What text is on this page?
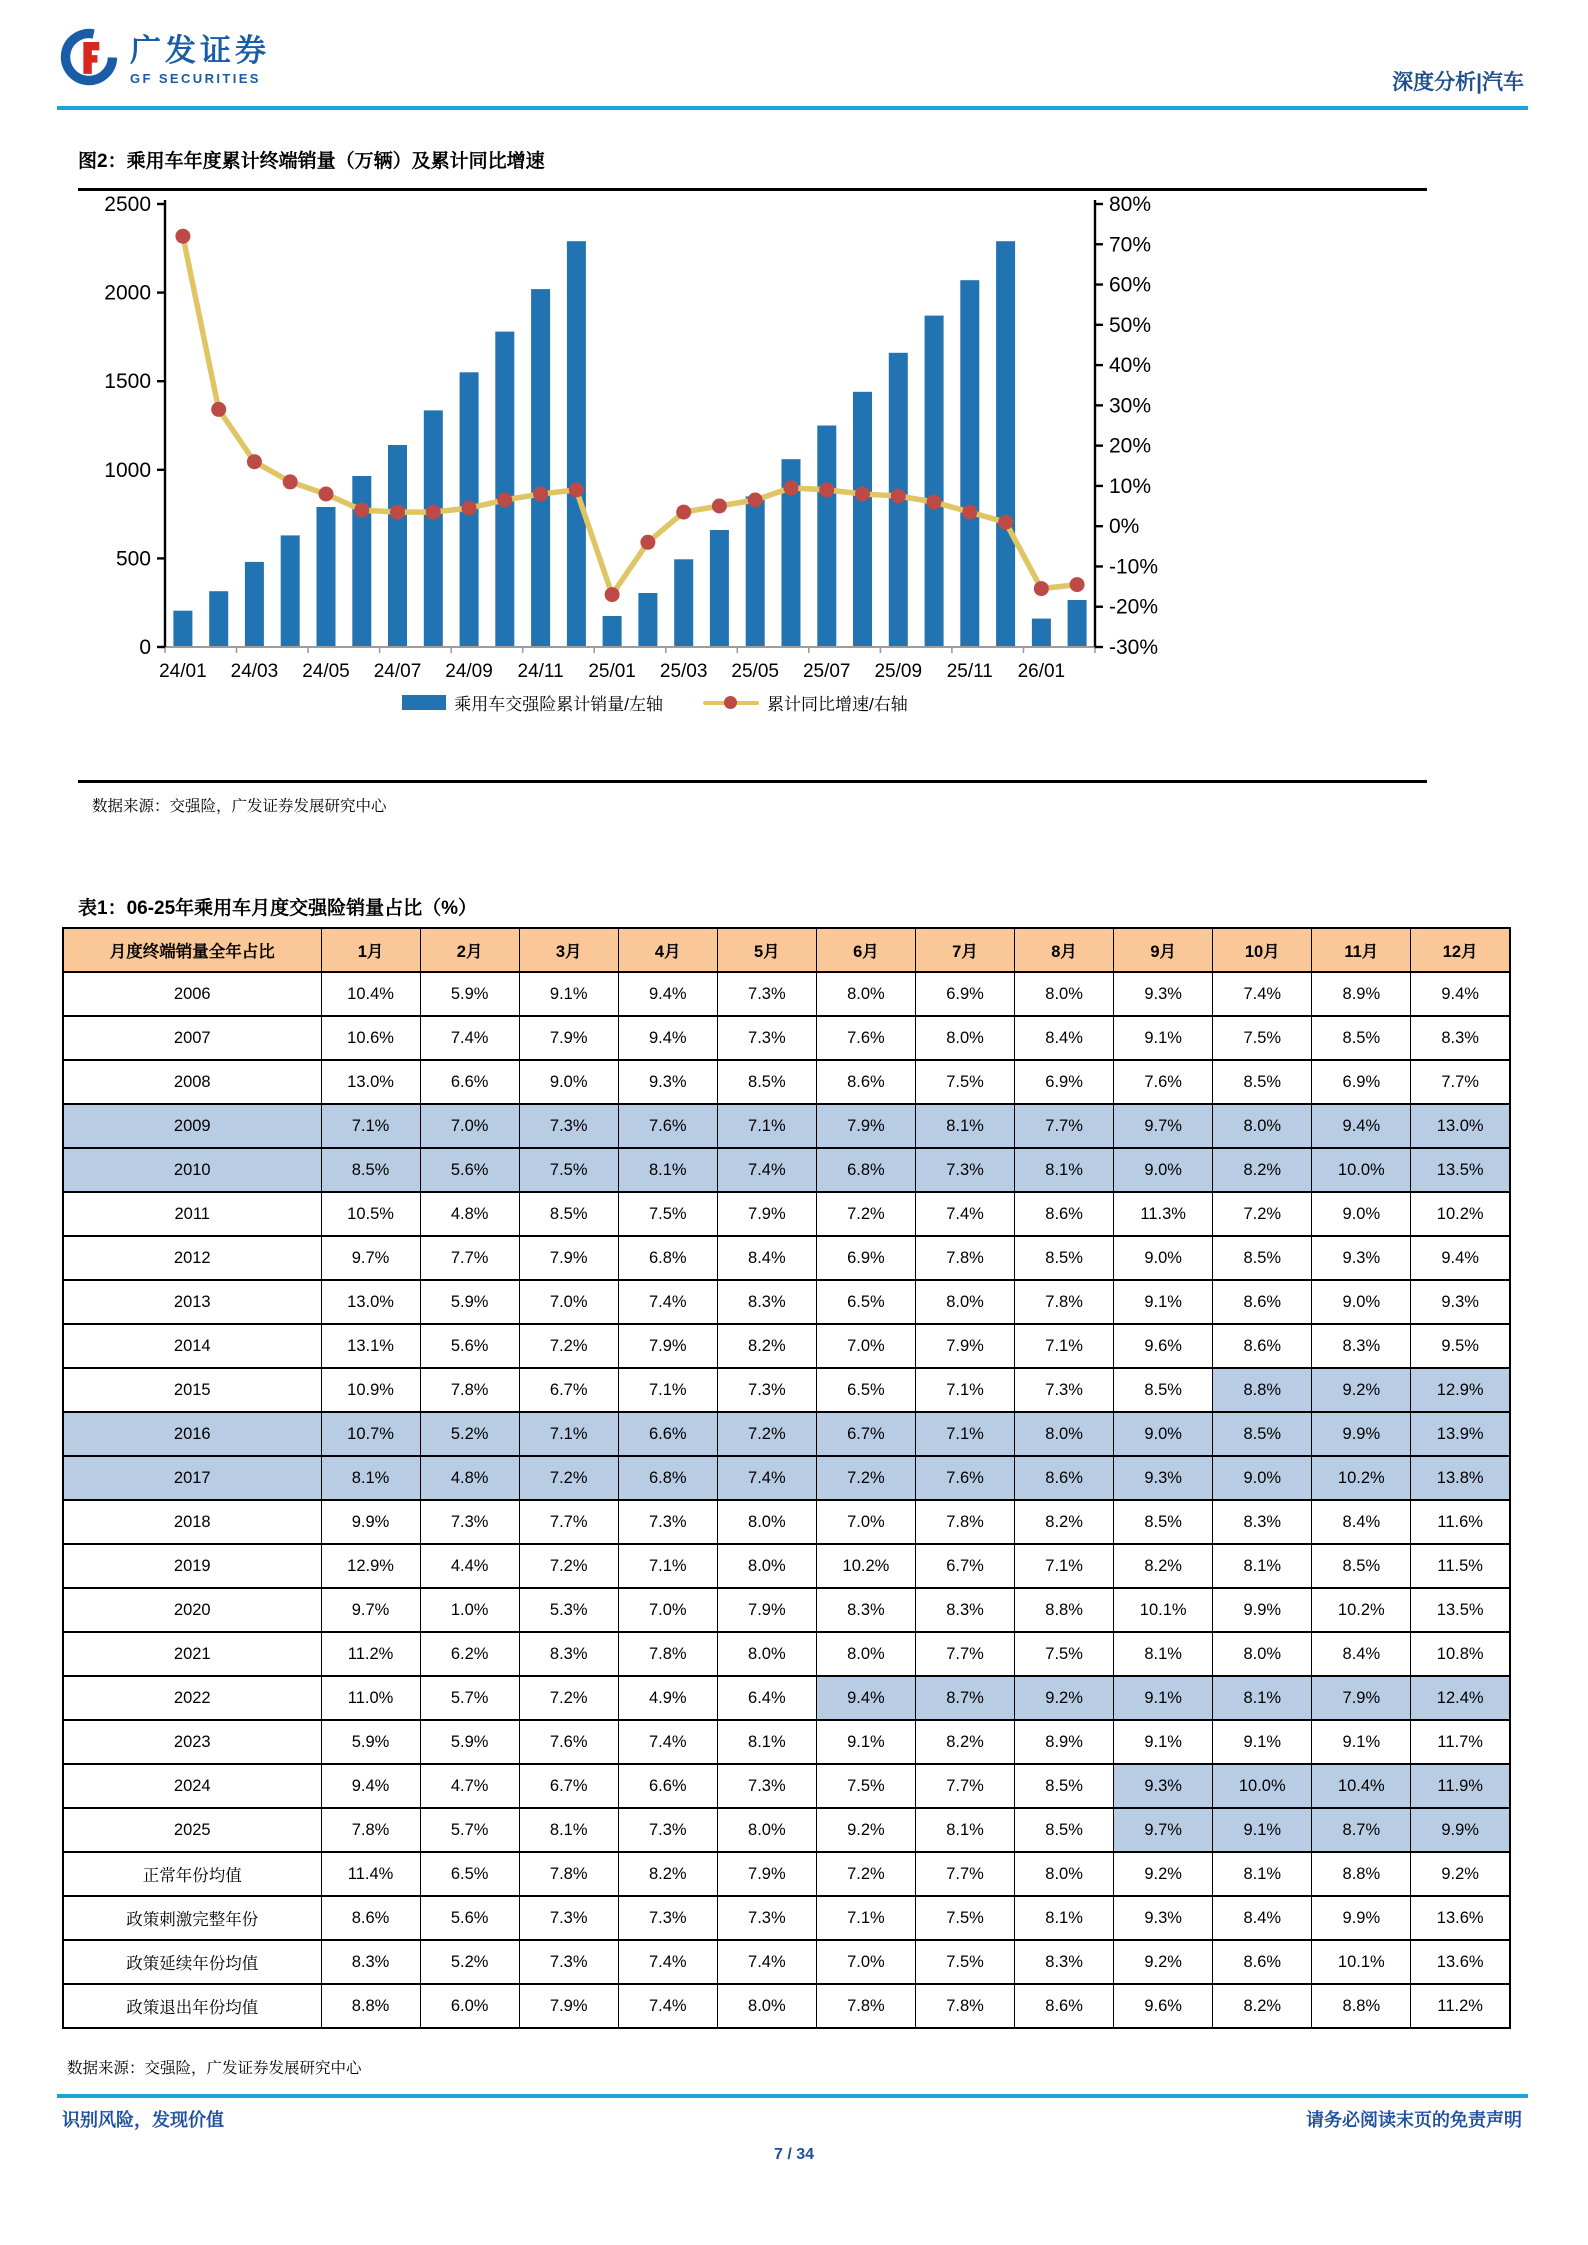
广发证券
GF SECURITIES	深度分析|汽车
图2：乘用车年度累计终端销量（万辆）及累计同比增速
24/01 24/03 24/05 24/07 24/09 24/11 25/01 25/03 25/05 25/07 25/09 25/11 26/01
0
500
1000
1500
2000
2500
-30%
-20%
-10%
0%
10%
20%
30%
40%
50%
60%
70%
80%
乘用车交强险累计销量/左轴	累计同比增速/右轴
数据来源：交强险，广发证券发展研究中心
表1：06-25年乘用车月度交强险销量占比（%）
月度终端销量全年占比	1月	2月	3月	4月	5月	6月	7月	8月	9月	10月	11月	12月
2006	10.4%	5.9%	9.1%	9.4%	7.3%	8.0%	6.9%	8.0%	9.3%	7.4%	8.9%	9.4%
2007	10.6%	7.4%	7.9%	9.4%	7.3%	7.6%	8.0%	8.4%	9.1%	7.5%	8.5%	8.3%
2008	13.0%	6.6%	9.0%	9.3%	8.5%	8.6%	7.5%	6.9%	7.6%	8.5%	6.9%	7.7%
2009	7.1%	7.0%	7.3%	7.6%	7.1%	7.9%	8.1%	7.7%	9.7%	8.0%	9.4%	13.0%
2010	8.5%	5.6%	7.5%	8.1%	7.4%	6.8%	7.3%	8.1%	9.0%	8.2%	10.0%	13.5%
2011	10.5%	4.8%	8.5%	7.5%	7.9%	7.2%	7.4%	8.6%	11.3%	7.2%	9.0%	10.2%
2012	9.7%	7.7%	7.9%	6.8%	8.4%	6.9%	7.8%	8.5%	9.0%	8.5%	9.3%	9.4%
2013	13.0%	5.9%	7.0%	7.4%	8.3%	6.5%	8.0%	7.8%	9.1%	8.6%	9.0%	9.3%
2014	13.1%	5.6%	7.2%	7.9%	8.2%	7.0%	7.9%	7.1%	9.6%	8.6%	8.3%	9.5%
2015	10.9%	7.8%	6.7%	7.1%	7.3%	6.5%	7.1%	7.3%	8.5%	8.8%	9.2%	12.9%
2016	10.7%	5.2%	7.1%	6.6%	7.2%	6.7%	7.1%	8.0%	9.0%	8.5%	9.9%	13.9%
2017	8.1%	4.8%	7.2%	6.8%	7.4%	7.2%	7.6%	8.6%	9.3%	9.0%	10.2%	13.8%
2018	9.9%	7.3%	7.7%	7.3%	8.0%	7.0%	7.8%	8.2%	8.5%	8.3%	8.4%	11.6%
2019	12.9%	4.4%	7.2%	7.1%	8.0%	10.2%	6.7%	7.1%	8.2%	8.1%	8.5%	11.5%
2020	9.7%	1.0%	5.3%	7.0%	7.9%	8.3%	8.3%	8.8%	10.1%	9.9%	10.2%	13.5%
2021	11.2%	6.2%	8.3%	7.8%	8.0%	8.0%	7.7%	7.5%	8.1%	8.0%	8.4%	10.8%
2022	11.0%	5.7%	7.2%	4.9%	6.4%	9.4%	8.7%	9.2%	9.1%	8.1%	7.9%	12.4%
2023	5.9%	5.9%	7.6%	7.4%	8.1%	9.1%	8.2%	8.9%	9.1%	9.1%	9.1%	11.7%
2024	9.4%	4.7%	6.7%	6.6%	7.3%	7.5%	7.7%	8.5%	9.3%	10.0%	10.4%	11.9%
2025	7.8%	5.7%	8.1%	7.3%	8.0%	9.2%	8.1%	8.5%	9.7%	9.1%	8.7%	9.9%
正常年份均值	11.4%	6.5%	7.8%	8.2%	7.9%	7.2%	7.7%	8.0%	9.2%	8.1%	8.8%	9.2%
政策刺激完整年份	8.6%	5.6%	7.3%	7.3%	7.3%	7.1%	7.5%	8.1%	9.3%	8.4%	9.9%	13.6%
政策延续年份均值	8.3%	5.2%	7.3%	7.4%	7.4%	7.0%	7.5%	8.3%	9.2%	8.6%	10.1%	13.6%
政策退出年份均值	8.8%	6.0%	7.9%	7.4%	8.0%	7.8%	7.8%	8.6%	9.6%	8.2%	8.8%	11.2%
数据来源：交强险，广发证券发展研究中心
识别风险，发现价值	请务必阅读末页的免责声明
7 / 34
